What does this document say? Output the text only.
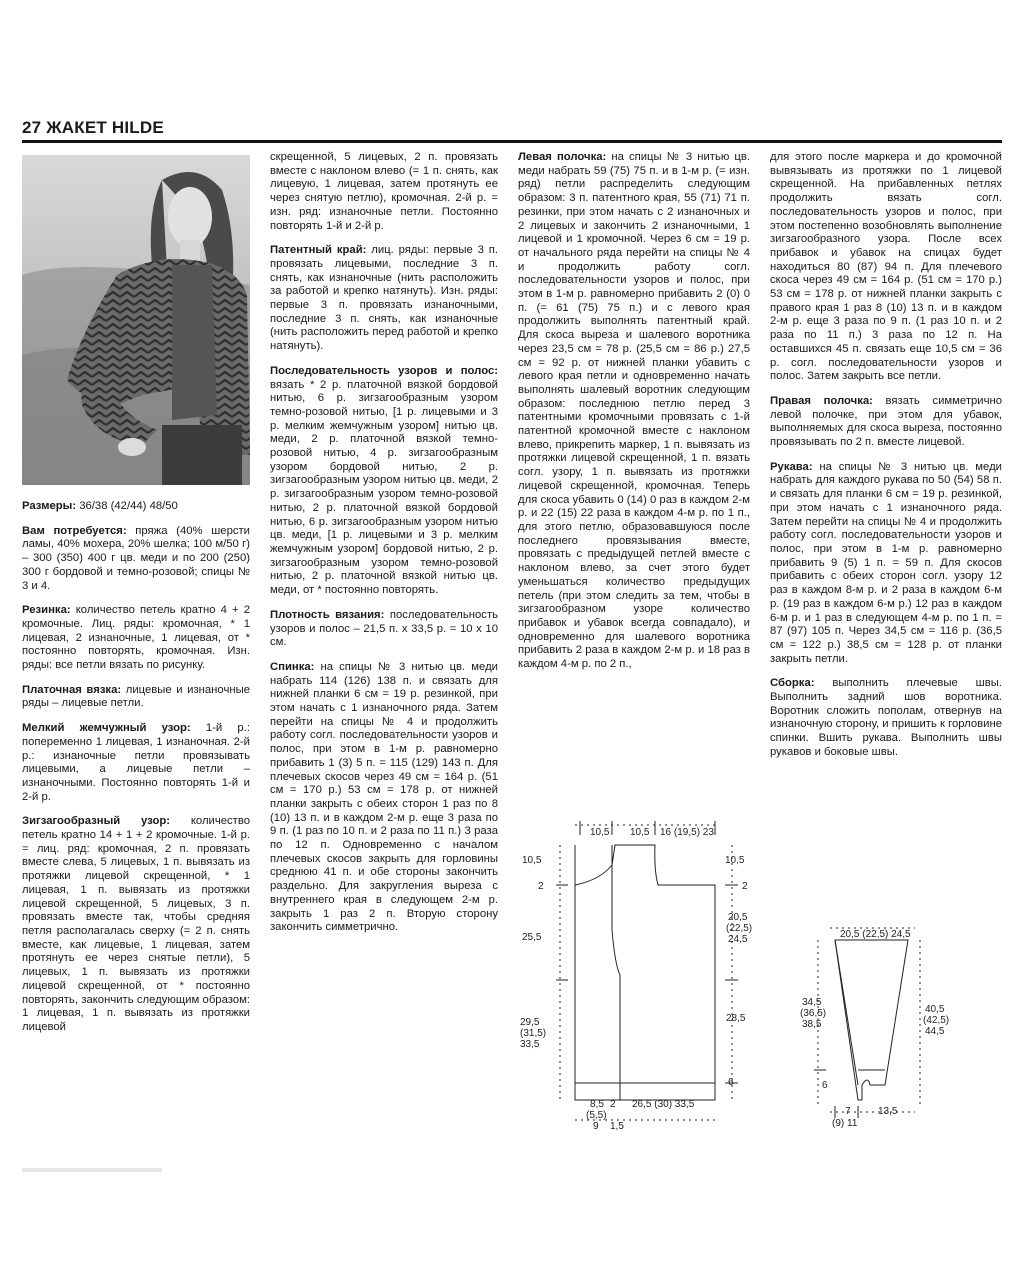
27 ЖАКЕТ HILDE

Размеры: 36/38 (42/44) 48/50

Вам потребуется: пряжа (40% шерсти ламы, 40% мохера, 20% шелка; 100 м/50 г) – 300 (350) 400 г цв. меди и по 200 (250) 300 г бордовой и темно-розовой; спицы № 3 и 4.

Резинка: количество петель кратно 4 + 2 кромочные. Лиц. ряды: кромочная, * 1 лицевая, 2 изнаночные, 1 лицевая, от * постоянно повторять, кромочная. Изн. ряды: все петли вязать по рисунку.

Платочная вязка: лицевые и изнаночные ряды – лицевые петли.

Мелкий жемчужный узор: 1-й р.: попеременно 1 лицевая, 1 изнаночная. 2-й р.: изнаночные петли провязывать лицевыми, а лицевые петли – изнаночными. Постоянно повторять 1-й и 2-й р.

Зигзагообразный узор: количество петель кратно 14 + 1 + 2 кромочные. 1-й р. = лиц. ряд: кромочная, 2 п. провязать вместе слева, 5 лицевых, 1 п. вывязать из протяжки лицевой скрещенной, * 1 лицевая, 1 п. вывязать из протяжки лицевой скрещенной, 5 лицевых, 3 п. провязать вместе так, чтобы средняя петля располагалась сверху (= 2 п. снять вместе, как лицевые, 1 лицевая, затем протянуть ее через снятые петли), 5 лицевых, 1 п. вывязать из протяжки лицевой скрещенной, от * постоянно повторять, закончить следующим образом: 1 лицевая, 1 п. вывязать из протяжки лицевой

скрещенной, 5 лицевых, 2 п. провязать вместе с наклоном влево (= 1 п. снять, как лицевую, 1 лицевая, затем протянуть ее через снятую петлю), кромочная. 2-й р. = изн. ряд: изнаночные петли. Постоянно повторять 1-й и 2-й р.

Патентный край: лиц. ряды: первые 3 п. провязать лицевыми, последние 3 п. снять, как изнаночные (нить расположить за работой и крепко натянуть). Изн. ряды: первые 3 п. провязать изнаночными, последние 3 п. снять, как изнаночные (нить расположить перед работой и крепко натянуть).

Последовательность узоров и полос: вязать * 2 р. платочной вязкой бордовой нитью, 6 р. зигзагообразным узором темно-розовой нитью, [1 р. лицевыми и 3 р. мелким жемчужным узором] нитью цв. меди, 2 р. платочной вязкой темно-розовой нитью, 4 р. зигзагообразным узором бордовой нитью, 2 р. зигзагообразным узором нитью цв. меди, 2 р. зигзагообразным узором темно-розовой нитью, 2 р. платочной вязкой бордовой нитью, 6 р. зигзагообразным узором нитью цв. меди, [1 р. лицевыми и 3 р. мелким жемчужным узором] бордовой нитью, 2 р. зигзагообразным узором темно-розовой нитью, 2 р. платочной вязкой нитью цв. меди, от * постоянно повторять.

Плотность вязания: последовательность узоров и полос – 21,5 п. x 33,5 р. = 10 x 10 см.

Спинка: на спицы № 3 нитью цв. меди набрать 114 (126) 138 п. и связать для нижней планки 6 см = 19 р. резинкой, при этом начать с 1 изнаночного ряда. Затем перейти на спицы № 4 и продолжить работу согл. последовательности узоров и полос, при этом в 1-м р. равномерно прибавить 1 (3) 5 п. = 115 (129) 143 п. Для плечевых скосов через 49 см = 164 р. (51 см = 170 р.) 53 см = 178 р. от нижней планки закрыть с обеих сторон 1 раз по 8 (10) 13 п. и в каждом 2-м р. еще 3 раза по 9 п. (1 раз по 10 п. и 2 раза по 11 п.) 3 раза по 12 п. Одновременно с началом плечевых скосов закрыть для горловины среднюю 41 п. и обе стороны закончить раздельно. Для закругления выреза с внутреннего края в следующем 2-м р. закрыть 1 раз 2 п. Вторую сторону закончить симметрично.

Левая полочка: на спицы № 3 нитью цв. меди набрать 59 (75) 75 п. и в 1-м р. (= изн. ряд) петли распределить следующим образом: 3 п. патентного края, 55 (71) 71 п. резинки, при этом начать с 2 изнаночных и 2 лицевых и закончить 2 изнаночными, 1 лицевой и 1 кромочной. Через 6 см = 19 р. от начального ряда перейти на спицы № 4 и продолжить работу согл. последовательности узоров и полос, при этом в 1-м р. равномерно прибавить 2 (0) 0 п. (= 61 (75) 75 п.) и с левого края продолжить выполнять патентный край. Для скоса выреза и шалевого воротника через 23,5 см = 78 р. (25,5 см = 86 р.) 27,5 см = 92 р. от нижней планки убавить с левого края петли и одновременно начать выполнять шалевый воротник следующим образом: последнюю петлю перед 3 патентными кромочными провязать с 1-й патентной кромочной вместе с наклоном влево, прикрепить маркер, 1 п. вывязать из протяжки лицевой скрещенной, 1 п. вязать согл. узору, 1 п. вывязать из протяжки лицевой скрещенной, кромочная. Теперь для скоса убавить 0 (14) 0 раз в каждом 2-м р. и 22 (15) 22 раза в каждом 4-м р. по 1 п., для этого петлю, образовавшуюся после последнего провязывания вместе, провязать с предыдущей петлей вместе с наклоном влево, за счет этого будет уменьшаться количество предыдущих петель (при этом следить за тем, чтобы в зигзагообразном узоре количество прибавок и убавок всегда совпадало), и одновременно для шалевого воротника прибавить 2 раза в каждом 2-м р. и 18 раз в каждом 4-м р. по 2 п.,

для этого после маркера и до кромочной вывязывать из протяжки по 1 лицевой скрещенной. На прибавленных петлях продолжить вязать согл. последовательность узоров и полос, при этом постепенно возобновлять выполнение зигзагообразного узора. После всех прибавок и убавок на спицах будет находиться 80 (87) 94 п. Для плечевого скоса через 49 см = 164 р. (51 см = 170 р.) 53 см = 178 р. от нижней планки закрыть с правого края 1 раз 8 (10) 13 п. и в каждом 2-м р. еще 3 раза по 9 п. (1 раз 10 п. и 2 раза по 11 п.) 3 раза по 12 п. На оставшихся 45 п. связать еще 10,5 см = 36 р. согл. последовательности узоров и полос. Затем закрыть все петли.

Правая полочка: вязать симметрично левой полочке, при этом для убавок, выполняемых для скоса выреза, постоянно провязывать по 2 п. вместе лицевой.

Рукава: на спицы № 3 нитью цв. меди набрать для каждого рукава по 50 (54) 58 п. и связать для планки 6 см = 19 р. резинкой, при этом начать с 1 изнаночного ряда. Затем перейти на спицы № 4 и продолжить работу согл. последовательности узоров и полос, при этом в 1-м р. равномерно прибавить 9 (5) 1 п. = 59 п. Для скосов прибавить с обеих сторон согл. узору 12 раз в каждом 8-м р. и 2 раза в каждом 6-м р. (19 раз в каждом 6-м р.) 12 раз в каждом 6-м р. и 1 раз в следующем 4-м р. по 1 п. = 87 (97) 105 п. Через 34,5 см = 116 р. (36,5 см = 122 р.) 38,5 см = 128 р. от планки закрыть петли.

Сборка: выполнить плечевые швы. Выполнить задний шов воротника. Воротник сложить пополам, отвернув на изнаночную сторону, и пришить к горловине спинки. Вшить рукава. Выполнить швы рукавов и боковые швы.

10,5 10,5 16 (19,5) 23
10,5
2
25,5
29,5
(31,5)
33,5
10,5
2
20,5
(22,5)
24,5
28,5
6
8,5
(5,5)
9
2
1,5
26,5 (30) 33,5
20,5 (22,5) 24,5
34,5
(36,5)
38,5
6
40,5
(42,5)
44,5
7
(9) 11
13,5
